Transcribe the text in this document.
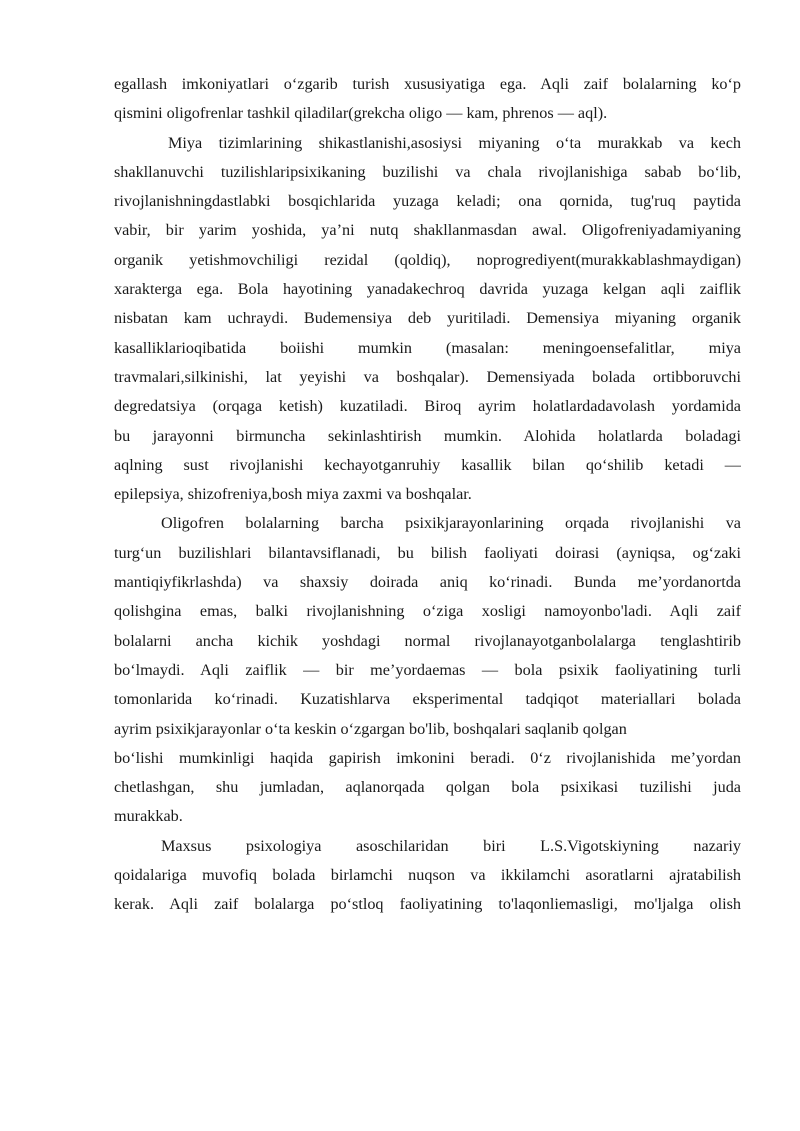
egallash imkoniyatlari oʻzgarib turish xususiyatiga ega. Aqli zaif bolalarning koʻp
qismini oligofrenlar tashkil qiladilar(grekcha oligo — kam, phrenos — aql).
Miya tizimlarining shikastlanishi,asosiysi miyaning oʻta murakkab va kech
shakllanuvchi tuzilishlaripsixikaning buzilishi va chala rivojlanishiga sabab boʻlib,
rivojlanishningdastlabki bosqichlarida yuzaga keladi; ona qornida, tug'ruq paytida
vabir, bir yarim yoshida, yaʼni nutq shakllanmasdan awal. Oligofreniyadamiyaning
organik yetishmovchiligi rezidal (qoldiq), noprogrediyent(murakkablashmaydigan)
xarakterga ega. Bola hayotining yanadakechroq davrida yuzaga kelgan aqli zaiflik
nisbatan kam uchraydi. Budemensiya deb yuritiladi. Demensiya miyaning organik
kasalliklarioqibatida boiishi mumkin (masalan: meningoensefalitlar, miya
travmalari,silkinishi, lat yeyishi va boshqalar). Demensiyada bolada ortibboruvchi
degredatsiya (orqaga ketish) kuzatiladi. Biroq ayrim holatlardadavolash yordamida
bu jarayonni birmuncha sekinlashtirish mumkin. Alohida holatlarda boladagi
aqlning sust rivojlanishi kechayotganruhiy kasallik bilan qoʻshilib ketadi —
epilepsiya, shizofreniya,bosh miya zaxmi va boshqalar.
Oligofren bolalarning barcha psixikjarayonlarining orqada rivojlanishi va
turgʻun buzilishlari bilantavsiflanadi, bu bilish faoliyati doirasi (ayniqsa, ogʻzaki
mantiqiyfikrlashda) va shaxsiy doirada aniq koʻrinadi. Bunda meʼyordanortda
qolishgina emas, balki rivojlanishning oʻziga xosligi namoyonbo'ladi. Aqli zaif
bolalarni ancha kichik yoshdagi normal rivojlanayotganbolalarga tenglashtirib
boʻlmaydi. Aqli zaiflik — bir meʼyordaemas — bola psixik faoliyatining turli
tomonlarida koʻrinadi. Kuzatishlarva eksperimental tadqiqot materiallari bolada
ayrim psixikjarayonlar oʻta keskin oʻzgargan bo'lib, boshqalari saqlanib qolgan
boʻlishi mumkinligi haqida gapirish imkonini beradi. 0ʻz rivojlanishida meʼyordan
chetlashgan, shu jumladan, aqlanorqada qolgan bola psixikasi tuzilishi juda
murakkab.
Maxsus psixologiya asoschilaridan biri L.S.Vigotskiyning nazariy
qoidalariga muvofiq bolada birlamchi nuqson va ikkilamchi asoratlarni ajratabilish
kerak. Aqli zaif bolalarga poʻstloq faoliyatining to'laqonliemasligi, mo'ljalga olish
